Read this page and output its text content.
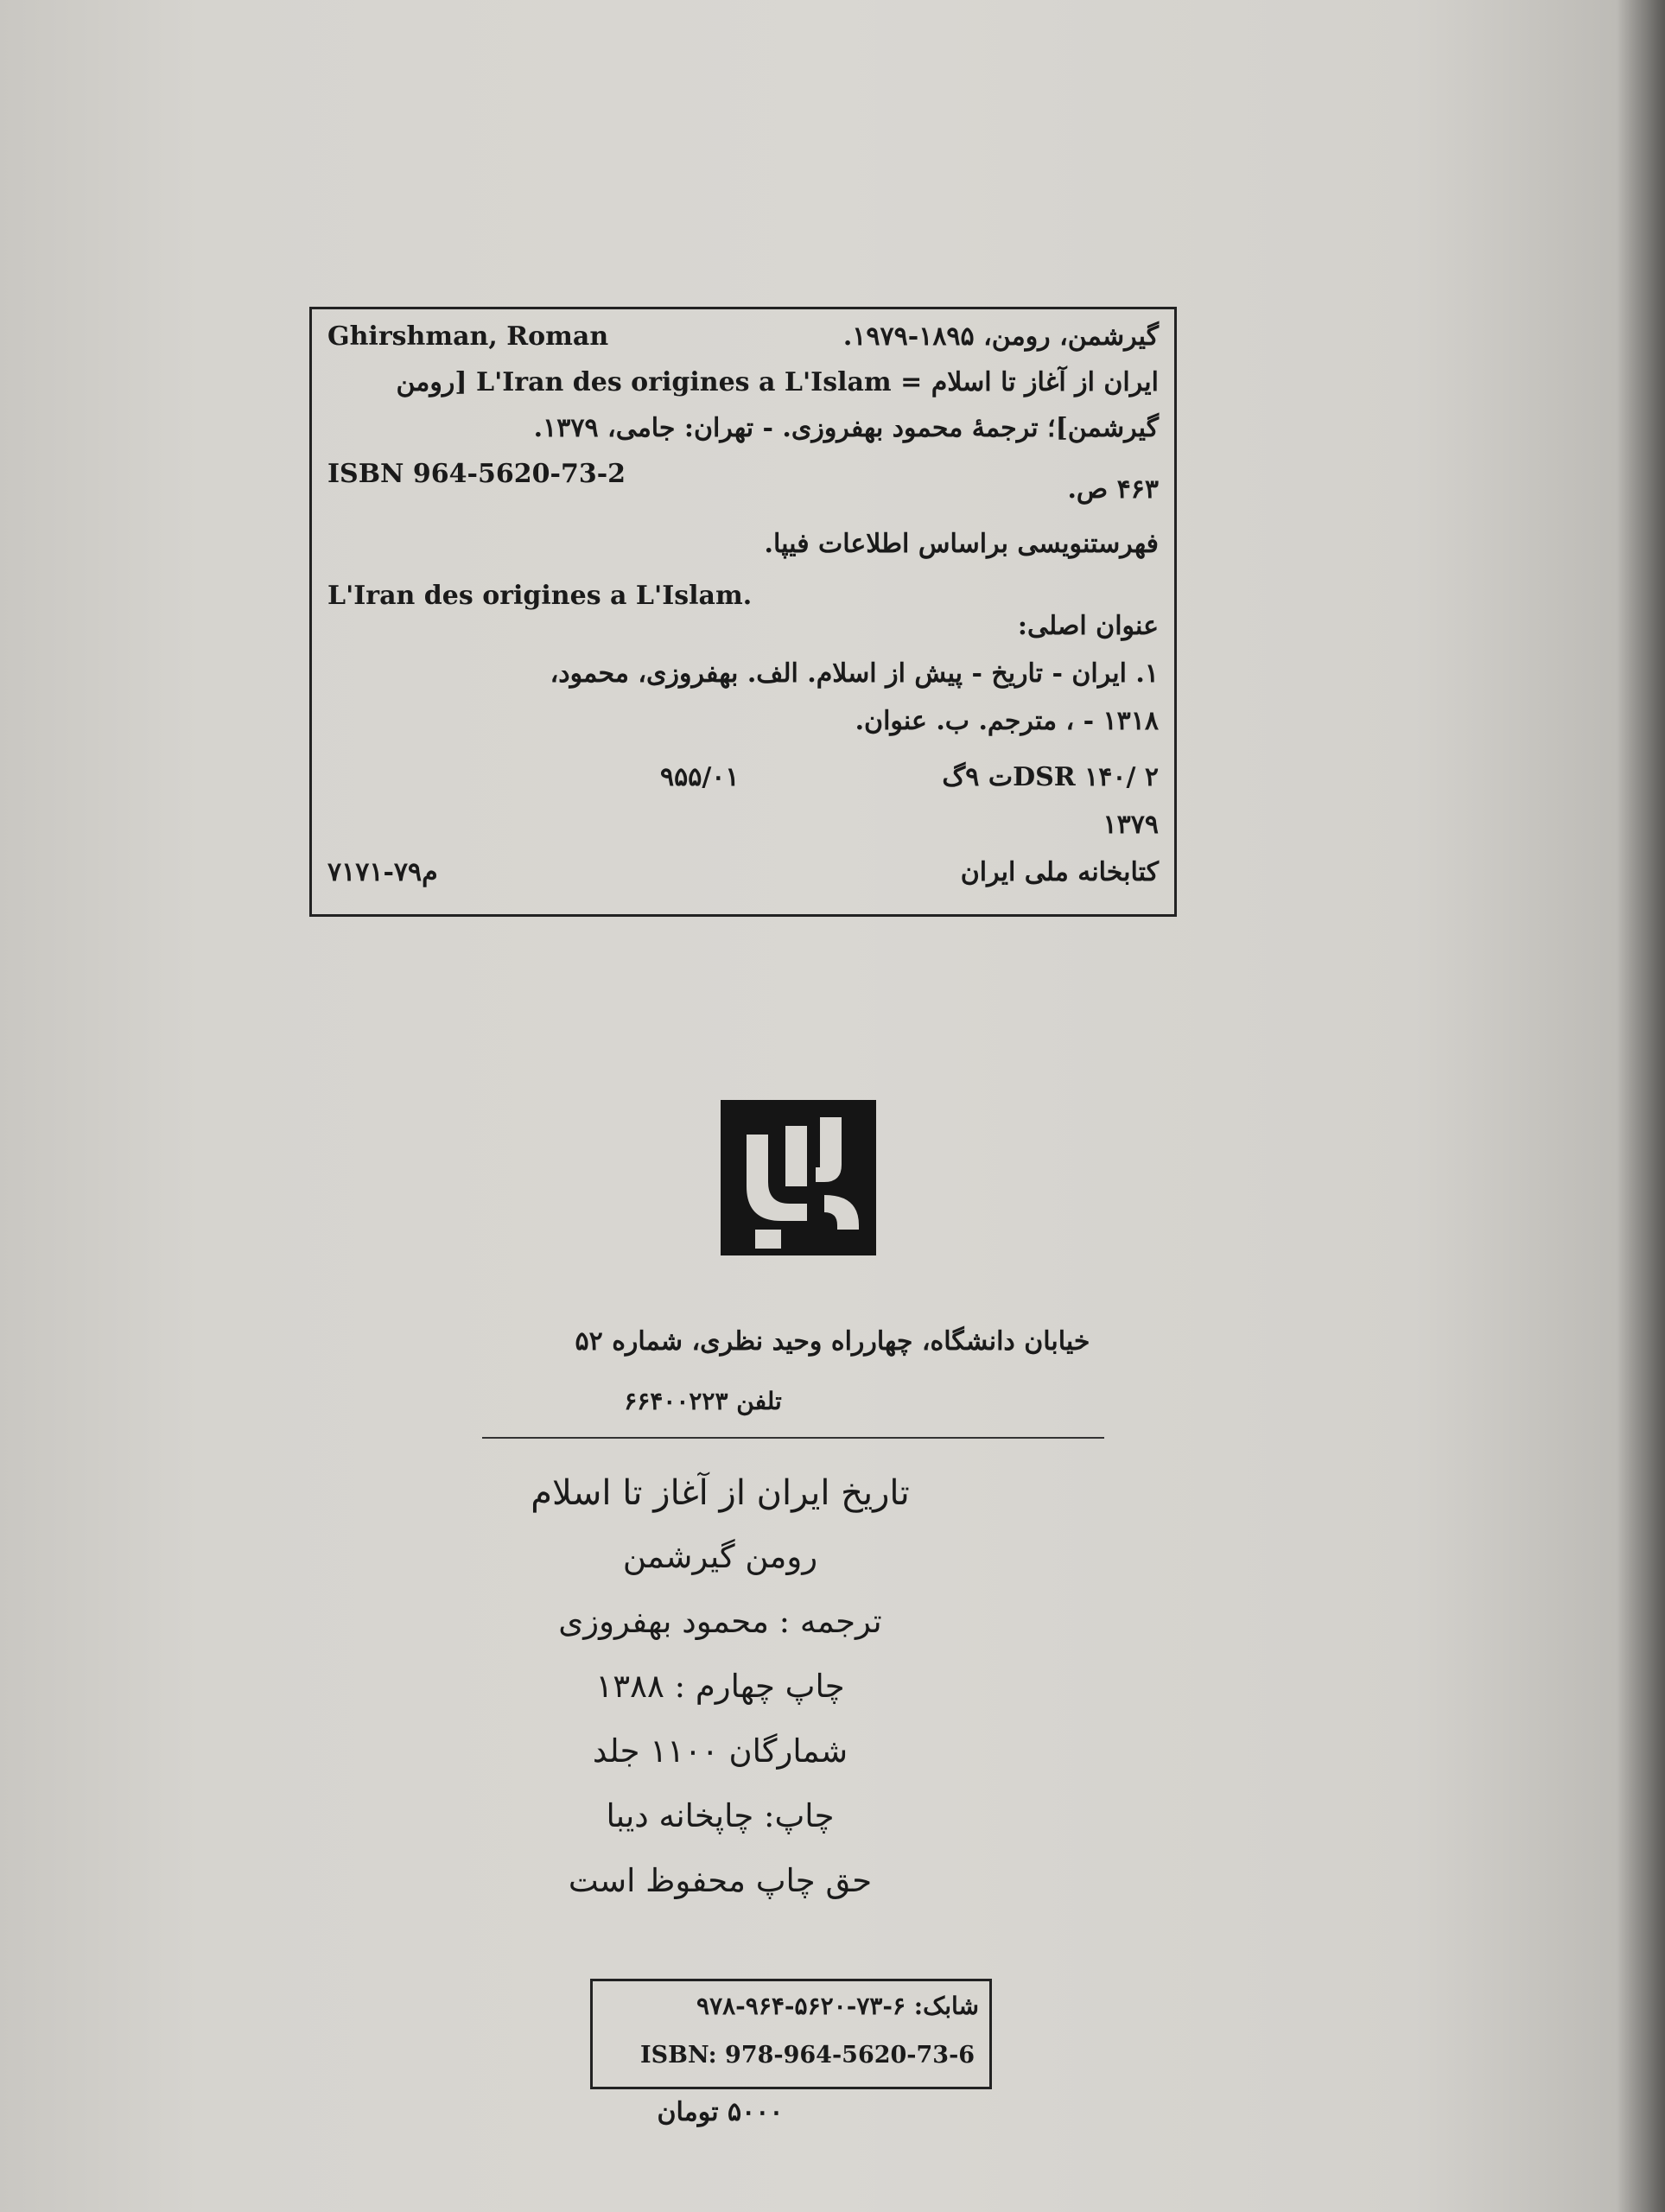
Ghirshman, Roman	گیرشمن، رومن، ۱۸۹۵-۱۹۷۹.
ایران از آغاز تا اسلام = L'Iran des origines a L'Islam [رومن
گیرشمن]؛ ترجمهٔ محمود بهفروزی. - تهران: جامی، ۱۳۷۹.
ISBN 964-5620-73-2
۴۶۳ ص.
فهرستنویسی براساس اطلاعات فیپا.
L'Iran des origines a L'Islam.
عنوان اصلی:
۱. ایران - تاریخ - پیش از اسلام. الف. بهفروزی، محمود،
۱۳۱۸ - ، مترجم. ب. عنوان.
۹۵۵/۰۱	DSR ۱۴۰/ ۲ت ۹گ
۱۳۷۹
م۷۹-۷۱۷۱	کتابخانه ملی ایران
خیابان دانشگاه، چهارراه وحید نظری، شماره ۵۲
تلفن ۶۶۴۰۰۲۲۳
تاریخ ایران از آغاز تا اسلام
رومن گیرشمن
ترجمه : محمود بهفروزی
چاپ چهارم : ۱۳۸۸
شمارگان ۱۱۰۰ جلد
چاپ: چاپخانه دیبا
حق چاپ محفوظ است
شابک: ۶-۷۳-۵۶۲۰-۹۶۴-۹۷۸
ISBN: 978-964-5620-73-6
۵۰۰۰ تومان
